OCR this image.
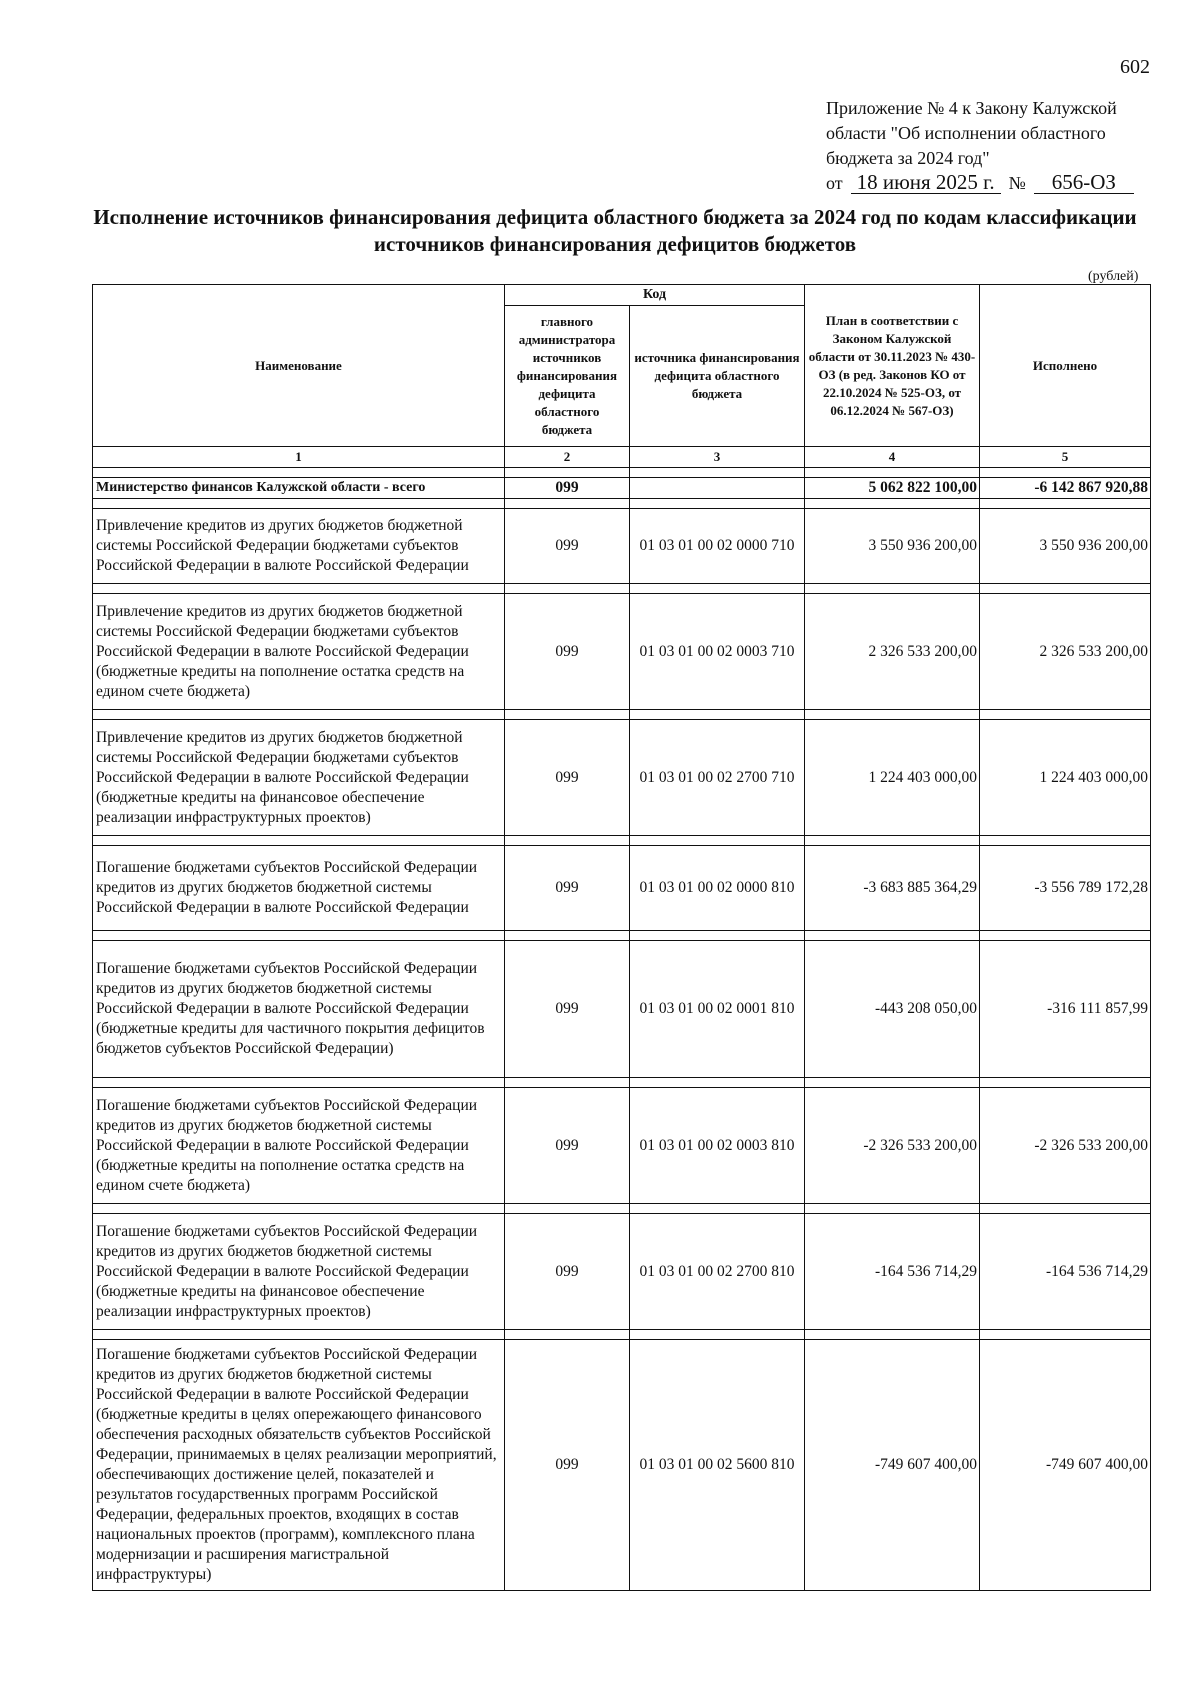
602
Приложение № 4 к Закону Калужской
области "Об исполнении областного
бюджета за 2024 год"
от 18 июня 2025 г. №	656-ОЗ
Исполнение источников финансирования дефицита областного бюджета за 2024 год по кодам классификации
источников финансирования дефицитов бюджетов
(рублей)
Наименование	Код		План в соответствии с Законом Калужской области от 30.11.2023 № 430-ОЗ (в ред. Законов КО от 22.10.2024 № 525-ОЗ, от 06.12.2024 № 567-ОЗ)	Исполнено
	главного администратора источников финансирования дефицита областного бюджета	источника финансирования дефицита областного бюджета		
1	2	3	4	5

Министерство финансов Калужской области - всего	099		5 062 822 100,00	-6 142 867 920,88

Привлечение кредитов из других бюджетов бюджетной системы Российской Федерации бюджетами субъектов Российской Федерации в валюте Российской Федерации	099	01 03 01 00 02 0000 710	3 550 936 200,00	3 550 936 200,00

Привлечение кредитов из других бюджетов бюджетной системы Российской Федерации бюджетами субъектов Российской Федерации в валюте Российской Федерации (бюджетные кредиты на пополнение остатка средств на едином счете бюджета)	099	01 03 01 00 02 0003 710	2 326 533 200,00	2 326 533 200,00

Привлечение кредитов из других бюджетов бюджетной системы Российской Федерации бюджетами субъектов Российской Федерации в валюте Российской Федерации (бюджетные кредиты на финансовое обеспечение реализации инфраструктурных проектов)	099	01 03 01 00 02 2700 710	1 224 403 000,00	1 224 403 000,00

Погашение бюджетами субъектов Российской Федерации кредитов из других бюджетов бюджетной системы Российской Федерации в валюте Российской Федерации	099	01 03 01 00 02 0000 810	-3 683 885 364,29	-3 556 789 172,28

Погашение бюджетами субъектов Российской Федерации кредитов из других бюджетов бюджетной системы Российской Федерации в валюте Российской Федерации (бюджетные кредиты для частичного покрытия дефицитов бюджетов субъектов Российской Федерации)	099	01 03 01 00 02 0001 810	-443 208 050,00	-316 111 857,99

Погашение бюджетами субъектов Российской Федерации кредитов из других бюджетов бюджетной системы Российской Федерации в валюте Российской Федерации (бюджетные кредиты на пополнение остатка средств на едином счете бюджета)	099	01 03 01 00 02 0003 810	-2 326 533 200,00	-2 326 533 200,00

Погашение бюджетами субъектов Российской Федерации кредитов из других бюджетов бюджетной системы Российской Федерации в валюте Российской Федерации (бюджетные кредиты на финансовое обеспечение реализации инфраструктурных проектов)	099	01 03 01 00 02 2700 810	-164 536 714,29	-164 536 714,29

Погашение бюджетами субъектов Российской Федерации кредитов из других бюджетов бюджетной системы Российской Федерации в валюте Российской Федерации (бюджетные кредиты в целях опережающего финансового обеспечения расходных обязательств субъектов Российской Федерации, принимаемых в целях реализации мероприятий, обеспечивающих достижение целей, показателей и результатов государственных программ Российской Федерации, федеральных проектов, входящих в состав национальных проектов (программ), комплексного плана модернизации и расширения магистральной инфраструктуры)	099	01 03 01 00 02 5600 810	-749 607 400,00	-749 607 400,00
